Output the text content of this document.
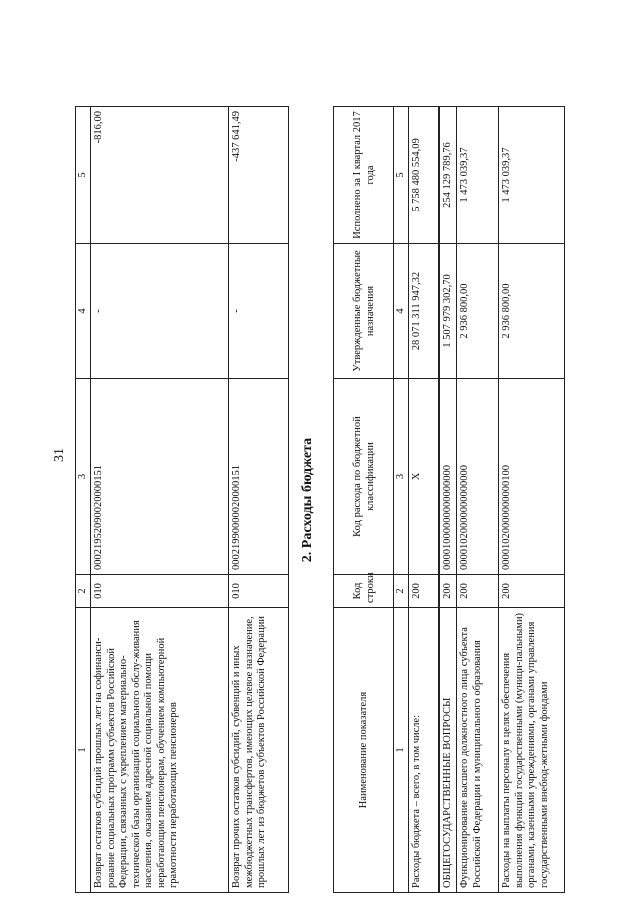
31
1	2	3	4	5
Возврат остатков субсидий прошлых лет на софинанси-рование социальных программ субъектов Российской Федерации, связанных с укреплением материально-технической базы организаций социального обслу-живания населения, оказанием адресной социальной помощи неработающим пенсионерам, обучением компьютерной грамотности неработающих пенсионеров	010	00021952090020000151	-	-816,00
Возврат прочих остатков субсидий, субвенций и иных межбюджетных трансфертов, имеющих целевое назначение, прошлых лет из бюджетов субъектов Российской Федерации	010	00021990000020000151	-	-437 641,49
2. Расходы бюджета
Наименование показателя	Код строки	Код расхода по бюджетной классификации	Утвержденные бюджетные назначения	Исполнено за I квартал 2017 года
1	2	3	4	5
Расходы бюджета – всего, в том числе:	200	X	28 071 311 947,32	5 758 480 554,09
ОБЩЕГОСУДАРСТВЕННЫЕ ВОПРОСЫ	200	00001000000000000000	1 507 979 302,70	254 129 789,76
Функционирование высшего должностного лица субъекта Российской Федерации и муниципального образования	200	00001020000000000000	2 936 800,00	1 473 039,37
Расходы на выплаты персоналу в целях обеспечения выполнения функций государственными (муници-пальными) органами, казенными учреждениями, органами управления государственными внебюд-жетными фондами	200	00001020000000000100	2 936 800,00	1 473 039,37
